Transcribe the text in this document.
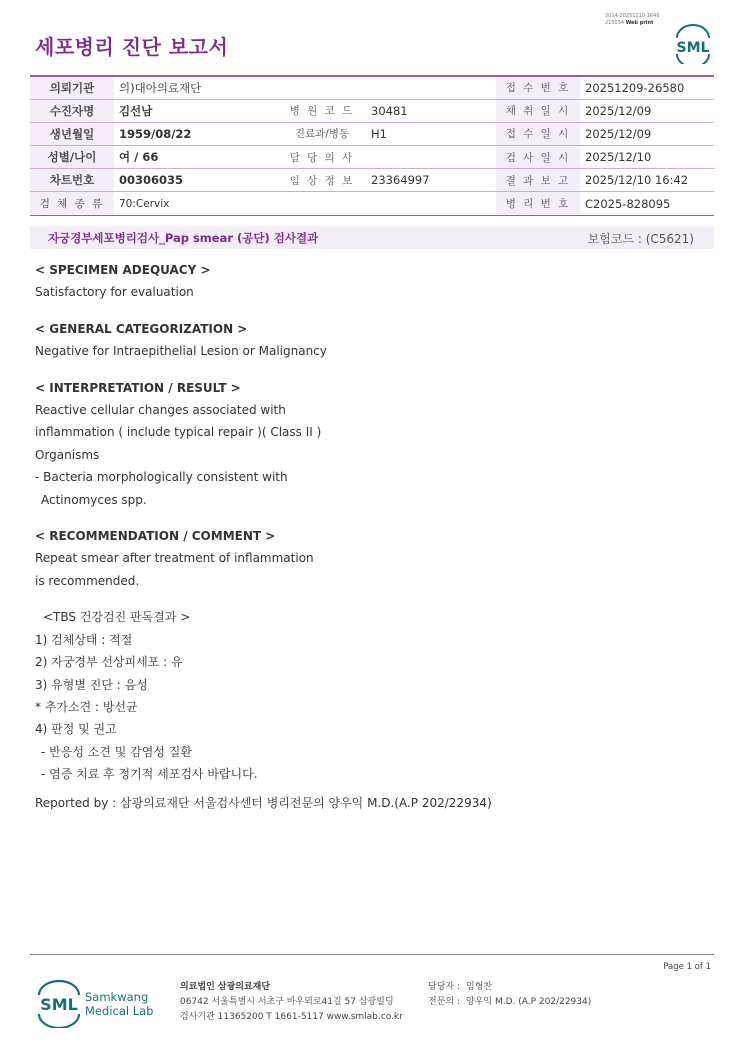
3014-20251210-1646
210034 Web print
세포병리 진단 보고서	SML
의뢰기관	의)대아의료재단			접 수 번 호	20251209-26580
수진자명	김선남	병 원 코 드	30481	채 취 일 시	2025/12/09
생년월일	1959/08/22	진료과/병동	H1	접 수 일 시	2025/12/09
성별/나이	여 / 66	담 당 의 사		검 사 일 시	2025/12/10
차트번호	00306035	임 상 정 보	23364997	결 과 보 고	2025/12/10 16:42
검 체 종 류	70:Cervix			병 리 번 호	C2025-828095
자궁경부세포병리검사_Pap smear (공단) 검사결과	보험코드 : (C5621)
< SPECIMEN ADEQUACY >
Satisfactory for evaluation
< GENERAL CATEGORIZATION >
Negative for Intraepithelial Lesion or Malignancy
< INTERPRETATION / RESULT >
Reactive cellular changes associated with
inflammation ( include typical repair )( Class II )
Organisms
- Bacteria morphologically consistent with
Actinomyces spp.
< RECOMMENDATION / COMMENT >
Repeat smear after treatment of inflammation
is recommended.
<TBS 건강검진 판독결과 >
1) 검체상태 : 적절
2) 자궁경부 선상피세포 : 유
3) 유형별 진단 : 음성
* 추가소견 : 방선균
4) 판정 및 권고
- 반응성 소견 및 감염성 질환
- 염증 치료 후 정기적 세포검사 바랍니다.
Reported by : 삼광의료재단 서울검사센터 병리전문의 양우익 M.D.(A.P 202/22934)
Page 1 of 1
SML Samkwang
Medical Lab
의료법인 삼광의료재단
06742 서울특별시 서초구 바우뫼로41길 57 삼광빌딩
검사기관 11365200 T 1661-5117 www.smlab.co.kr
담당자 : 임형찬
전문의 : 양우익 M.D. (A.P 202/22934)
